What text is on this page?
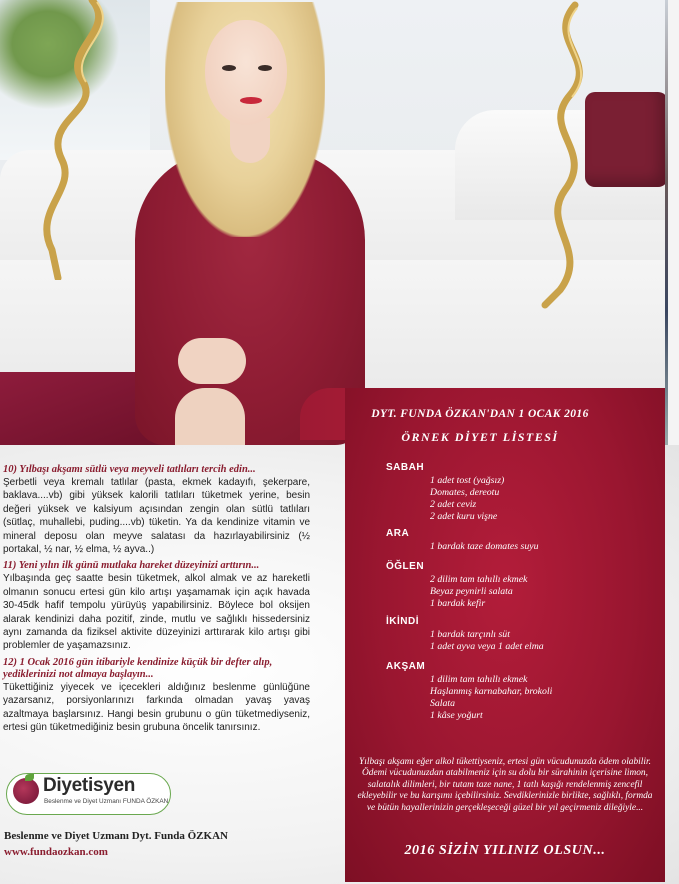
10) Yılbaşı akşamı sütlü veya meyveli tatlıları tercih edin...

Şerbetli veya kremalı tatlılar (pasta, ekmek kadayıfı, şekerpare, baklava....vb) gibi yüksek kalorili tatlıları tüketmek yerine, besin değeri yüksek ve kalsiyum açısından zengin olan sütlü tatlıları (sütlaç, muhallebi, puding....vb) tüketin. Ya da kendinize vitamin ve mineral deposu olan meyve salatası da hazırlayabilirsiniz (½ portakal, ½ nar, ½ elma, ½ ayva..)

11) Yeni yılın ilk günü mutlaka hareket düzeyinizi arttırın...

Yılbaşında geç saatte besin tüketmek, alkol almak ve az hareketli olmanın sonucu ertesi gün kilo artışı yaşamamak için açık havada 30-45dk hafif tempolu yürüyüş yapabilirsiniz. Böylece bol oksijen alarak kendinizi daha pozitif, zinde, mutlu ve sağlıklı hissedersiniz aynı zamanda da fiziksel aktivite düzeyinizi arttırarak kilo artışı gibi problemler de yaşamazsınız.

12) 1 Ocak 2016 gün itibariyle kendinize küçük bir defter alıp, yediklerinizi not almaya başlayın...

Tükettiğiniz yiyecek ve içecekleri aldığınız beslenme günlüğüne yazarsanız, porsiyonlarınızı farkında olmadan yavaş yavaş azaltmaya başlarsınız. Hangi besin grubunu o gün tüketmediyseniz, ertesi gün tüketmediğiniz besin grubuna öncelik tanırsınız.

Diyetisyen
Beslenme ve Diyet Uzmanı FUNDA ÖZKAN
Beslenme ve Diyet Uzmanı Dyt. Funda ÖZKAN
www.fundaozkan.com
DYT. FUNDA ÖZKAN'DAN 1 OCAK 2016
ÖRNEK DİYET LİSTESİ
SABAH
1 adet tost (yağsız)
Domates, dereotu
2 adet ceviz
2 adet kuru vişne
ARA
1 bardak taze domates suyu
ÖĞLEN
2 dilim tam tahıllı ekmek
Beyaz peynirli salata
1 bardak kefir
İKİNDİ
1 bardak tarçınlı süt
1 adet ayva veya 1 adet elma
AKŞAM
1 dilim tam tahıllı ekmek
Haşlanmış karnabahar, brokoli
Salata
1 kâse yoğurt
Yılbaşı akşamı eğer alkol tükettiyseniz, ertesi gün vücudunuzda ödem olabilir. Ödemi vücudunuzdan atabilmeniz için su dolu bir sürahinin içerisine limon, salatalık dilimleri, bir tutam taze nane, 1 tatlı kaşığı rendelenmiş zencefil ekleyebilir ve bu karışımı içebilirsiniz. Sevdiklerinizle birlikte, sağlıklı, formda ve bütün hayallerinizin gerçekleşeceği güzel bir yıl geçirmeniz dileğiyle...
2016 SİZİN YILINIZ OLSUN...
